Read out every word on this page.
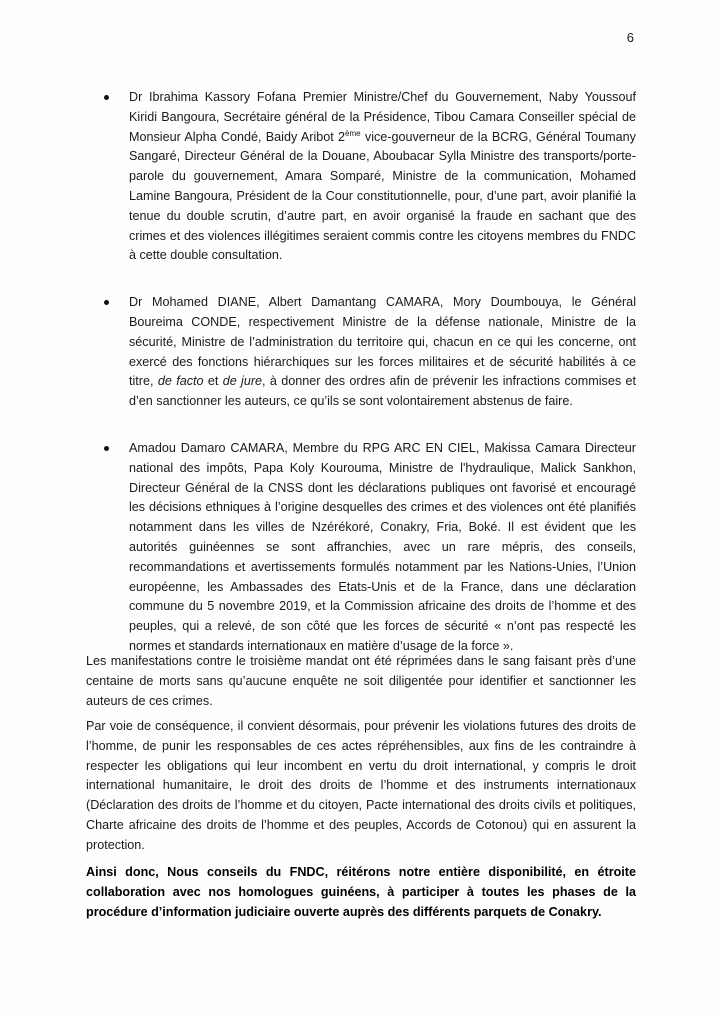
6
Dr Ibrahima Kassory Fofana Premier Ministre/Chef du Gouvernement, Naby Youssouf Kiridi Bangoura, Secrétaire général de la Présidence, Tibou Camara Conseiller spécial de Monsieur Alpha Condé, Baidy Aribot 2ème vice-gouverneur de la BCRG, Général Toumany Sangaré, Directeur Général de la Douane, Aboubacar Sylla Ministre des transports/porte-parole du gouvernement, Amara Somparé, Ministre de la communication, Mohamed Lamine Bangoura, Président de la Cour constitutionnelle, pour, d’une part, avoir planifié la tenue du double scrutin, d’autre part, en avoir organisé la fraude en sachant que des crimes et des violences illégitimes seraient commis contre les citoyens membres du FNDC à cette double consultation.
Dr Mohamed DIANE, Albert Damantang CAMARA, Mory Doumbouya, le Général Boureima CONDE, respectivement Ministre de la défense nationale, Ministre de la sécurité, Ministre de l’administration du territoire qui, chacun en ce qui les concerne, ont exercé des fonctions hiérarchiques sur les forces militaires et de sécurité habilités à ce titre, de facto et de jure, à donner des ordres afin de prévenir les infractions commises et d’en sanctionner les auteurs, ce qu’ils se sont volontairement abstenus de faire.
Amadou Damaro CAMARA, Membre du RPG ARC EN CIEL, Makissa Camara Directeur national des impôts, Papa Koly Kourouma, Ministre de l'hydraulique, Malick Sankhon, Directeur Général de la CNSS dont les déclarations publiques ont favorisé et encouragé les décisions ethniques à l’origine desquelles des crimes et des violences ont été planifiés notamment dans les villes de Nzérékoré, Conakry, Fria, Boké. Il est évident que les autorités guinéennes se sont affranchies, avec un rare mépris, des conseils, recommandations et avertissements formulés notamment par les Nations-Unies, l’Union européenne, les Ambassades des Etats-Unis et de la France, dans une déclaration commune du 5 novembre 2019, et la Commission africaine des droits de l’homme et des peuples, qui a relevé, de son côté que les forces de sécurité « n’ont pas respecté les normes et standards internationaux en matière d’usage de la force ».

Les manifestations contre le troisième mandat ont été réprimées dans le sang faisant près d’une centaine de morts sans qu’aucune enquête ne soit diligentée pour identifier et sanctionner les auteurs de ces crimes.

Par voie de conséquence, il convient désormais, pour prévenir les violations futures des droits de l’homme, de punir les responsables de ces actes répréhensibles, aux fins de les contraindre à respecter les obligations qui leur incombent en vertu du droit international, y compris le droit international humanitaire, le droit des droits de l’homme et des instruments internationaux (Déclaration des droits de l’homme et du citoyen, Pacte international des droits civils et politiques, Charte africaine des droits de l’homme et des peuples, Accords de Cotonou) qui en assurent la protection.

Ainsi donc, Nous conseils du FNDC, réitérons notre entière disponibilité, en étroite collaboration avec nos homologues guinéens, à participer à toutes les phases de la procédure d’information judiciaire ouverte auprès des différents parquets de Conakry.
